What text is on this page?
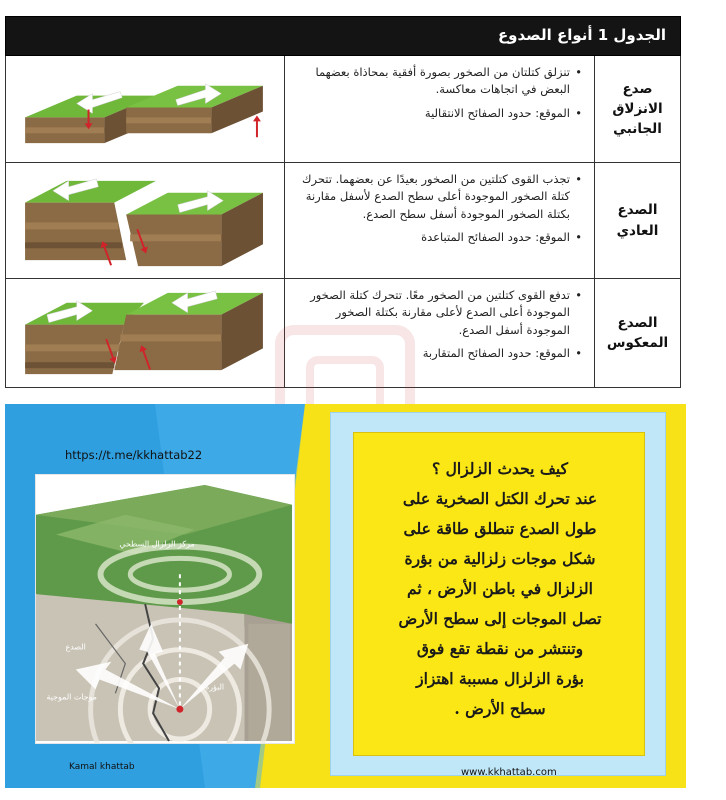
الجدول 1 أنواع الصدوع
صدع الانزلاق الجانبي
• تنزلق كتلتان من الصخور بصورة أفقية بمحاذاة بعضهما البعض في اتجاهات معاكسة.
• الموقع: حدود الصفائح الانتقالية
الصدع العادي
• تجذب القوى كتلتين من الصخور بعيدًا عن بعضهما. تتحرك كتلة الصخور الموجودة أعلى سطح الصدع لأسفل مقارنة بكتلة الصخور الموجودة أسفل سطح الصدع.
• الموقع: حدود الصفائح المتباعدة
الصدع المعكوس
• تدفع القوى كتلتين من الصخور معًا. تتحرك كتلة الصخور الموجودة أعلى الصدع لأعلى مقارنة بكتلة الصخور الموجودة أسفل الصدع.
• الموقع: حدود الصفائح المتقاربة
https://t.me/kkhattab22
مركز الزلزال السطحي
الصدع
البؤرة
موجات الموجية
Kamal khattab

كيف يحدث الزلزال ؟

عند تحرك الكتل الصخرية على

طول الصدع تنطلق طاقة على

شكل موجات زلزالية من بؤرة

الزلزال في باطن الأرض ، ثم

تصل الموجات إلى سطح الأرض

وتنتشر من نقطة تقع فوق

بؤرة الزلزال مسببة اهتزاز

سطح الأرض .

www.kkhattab.com
